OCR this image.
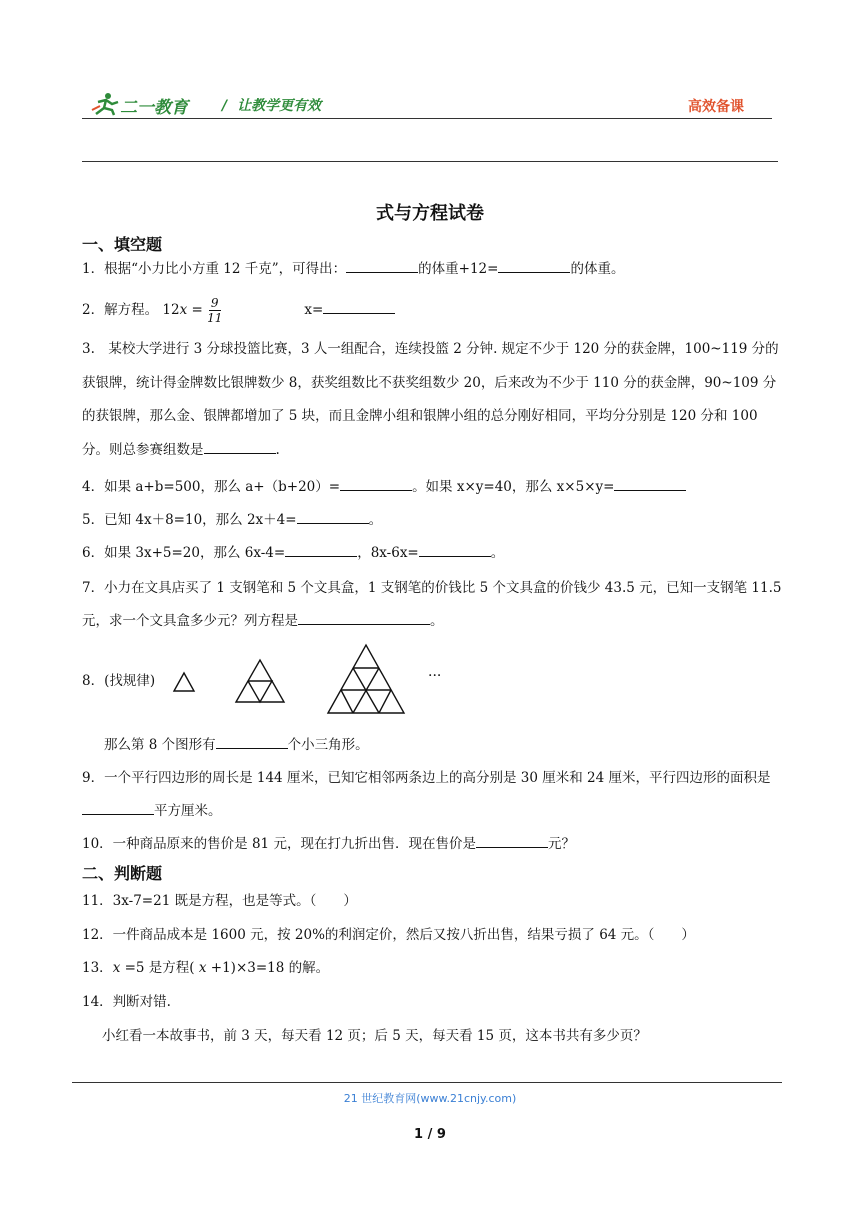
二一教育 / 让教学更有效	高效备课
式与方程试卷
一、填空题
1．根据“小力比小方重 12 千克”，可得出：	的体重+12=	的体重。
2．解方程。 $12x = \frac{9}{11}$	x=
3.　某校大学进行 3 分球投篮比赛，3 人一组配合，连续投篮 2 分钟. 规定不少于 120 分的获金牌，100~119 分的获银牌，统计得金牌数比银牌数少 8，获奖组数比不获奖组数少 20，后来改为不少于 110 分的获金牌，90~109 分的获银牌，那么金、银牌都增加了 5 块，而且金牌小组和银牌小组的总分刚好相同，平均分分别是 120 分和 100 分。则总参赛组数是	.
4．如果 a+b=500，那么 a+（b+20）=	。如果 x×y=40，那么 x×5×y=
5．已知 4x＋8=10，那么 2x＋4=	。
6．如果 3x+5=20，那么 6x-4=	，8x-6x=	。
7．小力在文具店买了 1 支钢笔和 5 个文具盒，1 支钢笔的价钱比 5 个文具盒的价钱少 43.5 元，已知一支钢笔 11.5 元，求一个文具盒多少元？列方程是	。
8．(找规律)	···
那么第 8 个图形有	个小三角形。
9．一个平行四边形的周长是 144 厘米，已知它相邻两条边上的高分别是 30 厘米和 24 厘米，平行四边形的面积是平方厘米。
10．一种商品原来的售价是 81 元，现在打九折出售．现在售价是	元？
二、判断题
11．3x-7=21 既是方程，也是等式。（　　）
12．一件商品成本是 1600 元，按 20%的利润定价，然后又按八折出售，结果亏损了 64 元。（　　）
13．x =5 是方程( x +1)×3=18 的解。
14．判断对错.
小红看一本故事书，前 3 天，每天看 12 页；后 5 天，每天看 15 页，这本书共有多少页？
21 世纪教育网(www.21cnjy.com)
1 / 9
